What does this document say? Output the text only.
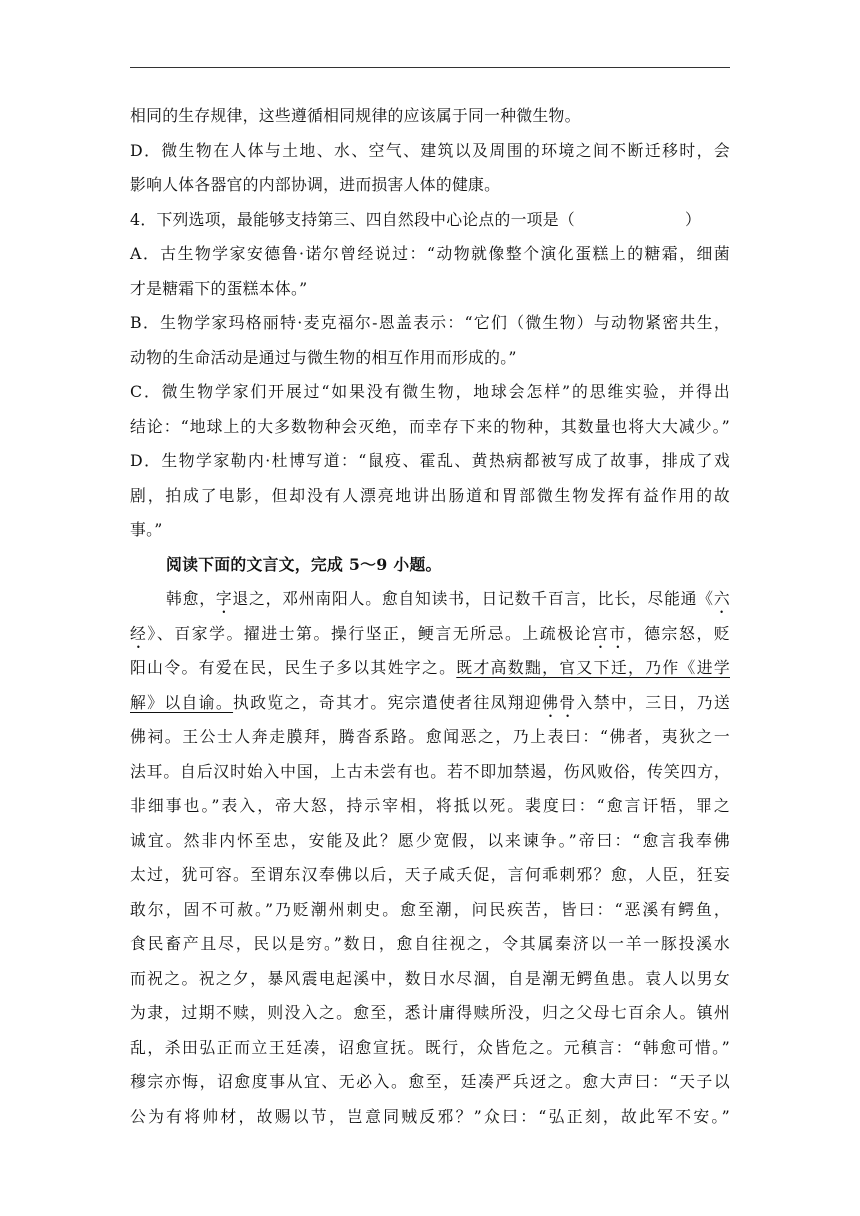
相同的生存规律，这些遵循相同规律的应该属于同一种微生物。
D．微生物在人体与土地、水、空气、建筑以及周围的环境之间不断迁移时，会
影响人体各器官的内部协调，进而损害人体的健康。
4．下列选项，最能够支持第三、四自然段中心论点的一项是（	）
A．古生物学家安德鲁·诺尔曾经说过：“动物就像整个演化蛋糕上的糖霜，细菌
才是糖霜下的蛋糕本体。”
B．生物学家玛格丽特·麦克福尔-恩盖表示：“它们（微生物）与动物紧密共生，
动物的生命活动是通过与微生物的相互作用而形成的。”
C．微生物学家们开展过“如果没有微生物，地球会怎样”的思维实验，并得出
结论：“地球上的大多数物种会灭绝，而幸存下来的物种，其数量也将大大减少。”
D．生物学家勒内·杜博写道：“鼠疫、霍乱、黄热病都被写成了故事，排成了戏
剧，拍成了电影，但却没有人漂亮地讲出肠道和胃部微生物发挥有益作用的故
事。”
阅读下面的文言文，完成 5～9 小题。
韩愈，字退之，邓州南阳人。愈自知读书，日记数千百言，比长，尽能通《六
经》、百家学。擢进士第。操行坚正，鲠言无所忌。上疏极论宫市，德宗怒，贬
阳山令。有爱在民，民生子多以其姓字之。既才高数黜，官又下迁，乃作《进学
解》以自谕。执政览之，奇其才。宪宗遣使者往凤翔迎佛骨入禁中，三日，乃送
佛祠。王公士人奔走膜拜，腾沓系路。愈闻恶之，乃上表曰：“佛者，夷狄之一
法耳。自后汉时始入中国，上古未尝有也。若不即加禁遏，伤风败俗，传笑四方，
非细事也。”表入，帝大怒，持示宰相，将抵以死。裴度曰：“愈言讦牾，罪之
诚宜。然非内怀至忠，安能及此？愿少宽假，以来谏争。”帝曰：“愈言我奉佛
太过，犹可容。至谓东汉奉佛以后，天子咸夭促，言何乖刺邪？愈，人臣，狂妄
敢尔，固不可赦。”乃贬潮州刺史。愈至潮，问民疾苦，皆曰：“恶溪有鳄鱼，
食民畜产且尽，民以是穷。”数日，愈自往视之，令其属秦济以一羊一豚投溪水
而祝之。祝之夕，暴风震电起溪中，数日水尽涸，自是潮无鳄鱼患。袁人以男女
为隶，过期不赎，则没入之。愈至，悉计庸得赎所没，归之父母七百余人。镇州
乱，杀田弘正而立王廷凑，诏愈宣抚。既行，众皆危之。元稹言：“韩愈可惜。”
穆宗亦悔，诏愈度事从宜、无必入。愈至，廷凑严兵迓之。愈大声曰：“天子以
公为有将帅材，故赐以节，岂意同贼反邪？”众曰：“弘正刻，故此军不安。”
